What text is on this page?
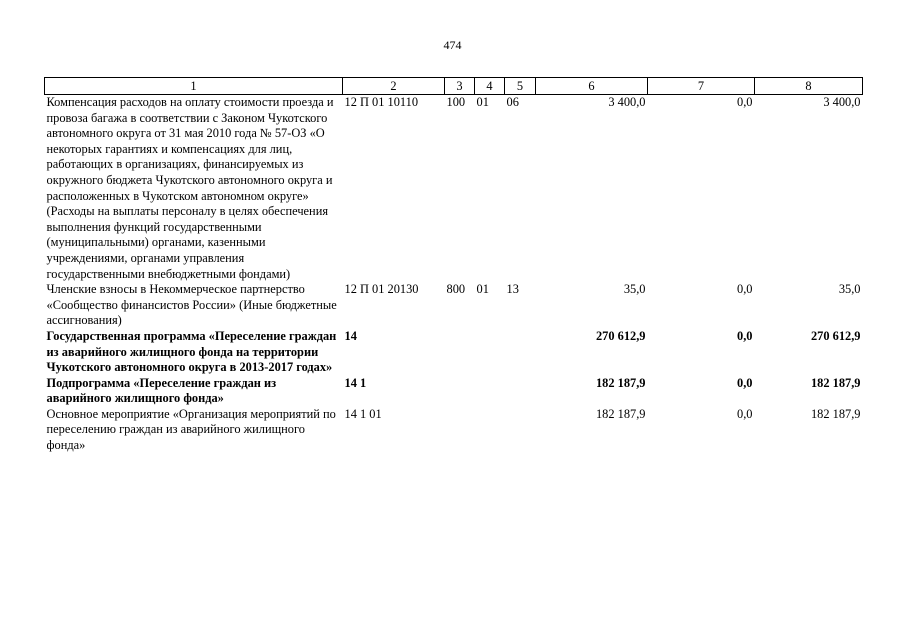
474
1	2	3	4	5	6	7	8
Компенсация расходов на оплату стоимости проезда и провоза багажа в соответствии с Законом Чукотского автономного округа от 31 мая 2010 года № 57-ОЗ «О некоторых гарантиях и компенсациях для лиц, работающих в организациях, финансируемых из окружного бюджета Чукотского автономного округа и расположенных в Чукотском автономном округе» (Расходы на выплаты персоналу в целях обеспечения выполнения функций государственными (муниципальными) органами, казенными учреждениями, органами управления государственными внебюджетными фондами)	12 П 01 10110	100	01	06	3 400,0	0,0	3 400,0
Членские взносы в Некоммерческое партнерство «Сообщество финансистов России» (Иные бюджетные ассигнования)	12 П 01 20130	800	01	13	35,0	0,0	35,0
Государственная программа «Переселение граждан из аварийного жилищного фонда на территории Чукотского автономного округа в 2013-2017 годах»	14				270 612,9	0,0	270 612,9
Подпрограмма «Переселение граждан из аварийного жилищного фонда»	14 1				182 187,9	0,0	182 187,9
Основное мероприятие «Организация мероприятий по переселению граждан из аварийного жилищного фонда»	14 1 01				182 187,9	0,0	182 187,9
